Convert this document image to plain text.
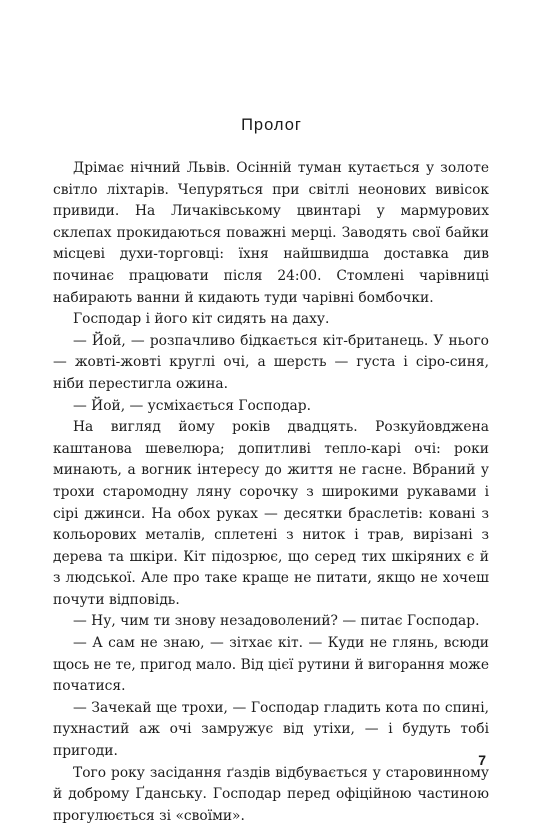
Пролог

Дрімає нічний Львів. Осінній туман кутається у золоте світло ліхтарів. Чепуряться при світлі неонових вивісок привиди. На Личаківському цвинтарі у мармурових склепах прокидаються поважні мерці. Заводять свої байки місцеві духи-торговці: їхня найшвидша доставка див починає працювати після 24:00. Стомлені чарівниці набирають ванни й кидають туди чарівні бомбочки.

Господар і його кіт сидять на даху.

— Йой, — розпачливо бідкається кіт-британець. У нього — жовті-жовті круглі очі, а шерсть — густа і сіро-синя, ніби перестигла ожина.

— Йой, — усміхається Господар.

На вигляд йому років двадцять. Розкуйовджена каштанова шевелюра; допитливі тепло-карі очі: роки минають, а вогник інтересу до життя не гасне. Вбраний у трохи старомодну ляну сорочку з широкими рукавами і сірі джинси. На обох руках — десятки браслетів: ковані з кольорових металів, сплетені з ниток і трав, вирізані з дерева та шкіри. Кіт підозрює, що серед тих шкіряних є й з людської. Але про таке краще не питати, якщо не хочеш почути відповідь.

— Ну, чим ти знову незадоволений? — питає Господар.

— А сам не знаю, — зітхає кіт. — Куди не глянь, всюди щось не те, пригод мало. Від цієї рутини й вигорання може початися.

— Зачекай ще трохи, — Господар гладить кота по спині, пухнастий аж очі замружує від утіхи, — і будуть тобі пригоди.

Того року засідання ґаздів відбувається у старовинному й доброму Ґданську. Господар перед офіційною частиною прогулюється зі «своїми».

7
